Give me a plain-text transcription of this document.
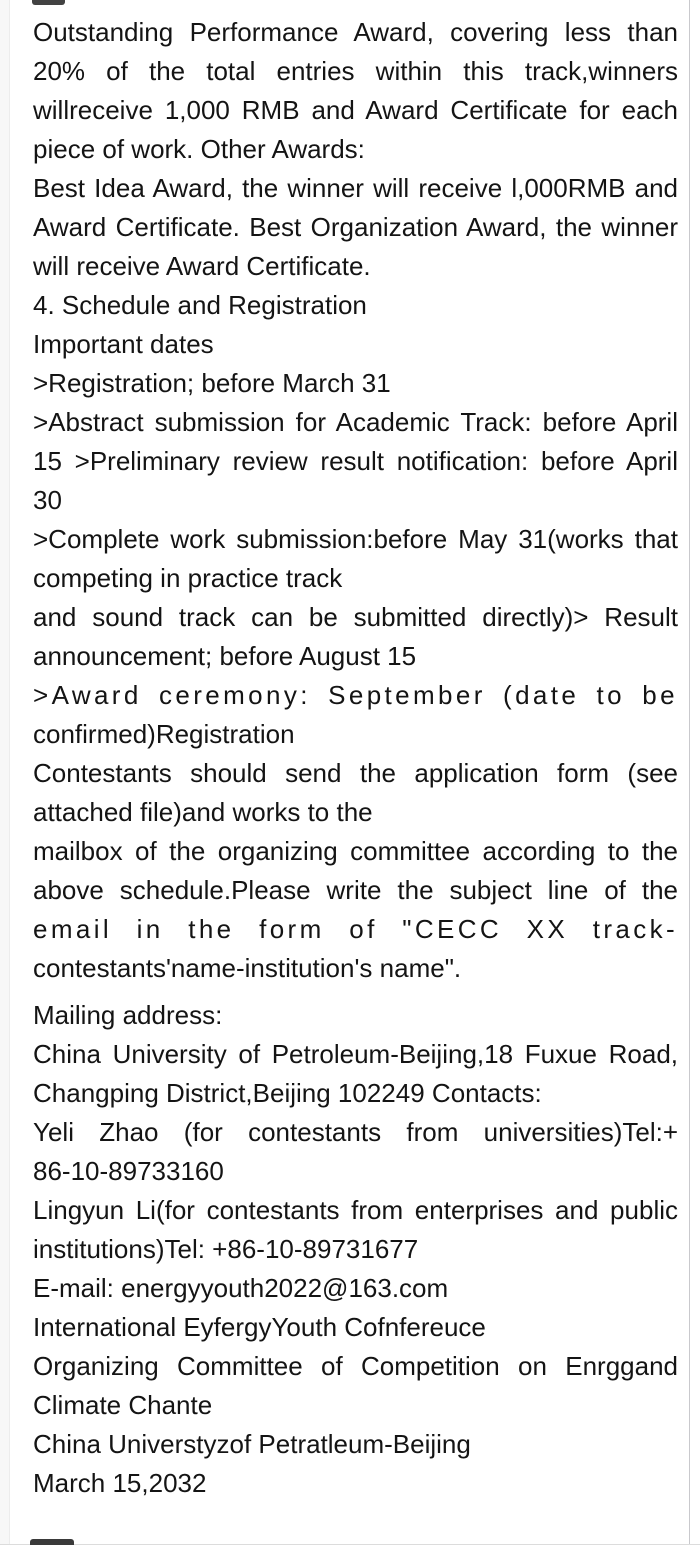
Outstanding Performance Award, covering less than
20% of the total entries within this track,winners
willreceive 1,000 RMB and Award Certificate for each
piece of work. Other Awards:
Best Idea Award, the winner will receive l,000RMB and
Award Certificate. Best Organization Award, the winner
will receive Award Certificate.
4. Schedule and Registration
Important dates
>Registration; before March 31
>Abstract submission for Academic Track: before April
15 >Preliminary review result notification: before April
30
>Complete work submission:before May 31(works that
competing in practice track
and sound track can be submitted directly)> Result
announcement; before August 15
>Award ceremony: September (date to be
confirmed)Registration
Contestants should send the application form (see
attached file)and works to the
mailbox of the organizing committee according to the
above schedule.Please write the subject line of the
email in the form of "CECC XX track-
contestants'name-institution's name".
Mailing address:
China University of Petroleum-Beijing,18 Fuxue Road,
Changping District,Beijing 102249 Contacts:
Yeli Zhao (for contestants from universities)Tel:+
86-10-89733160
Lingyun Li(for contestants from enterprises and public
institutions)Tel: +86-10-89731677
E-mail: energyyouth2022@163.com
International EyfergyYouth Cofnfereuce
Organizing Committee of Competition on Enrggand
Climate Chante
China Universtyzof Petratleum-Beijing
March 15,2032
